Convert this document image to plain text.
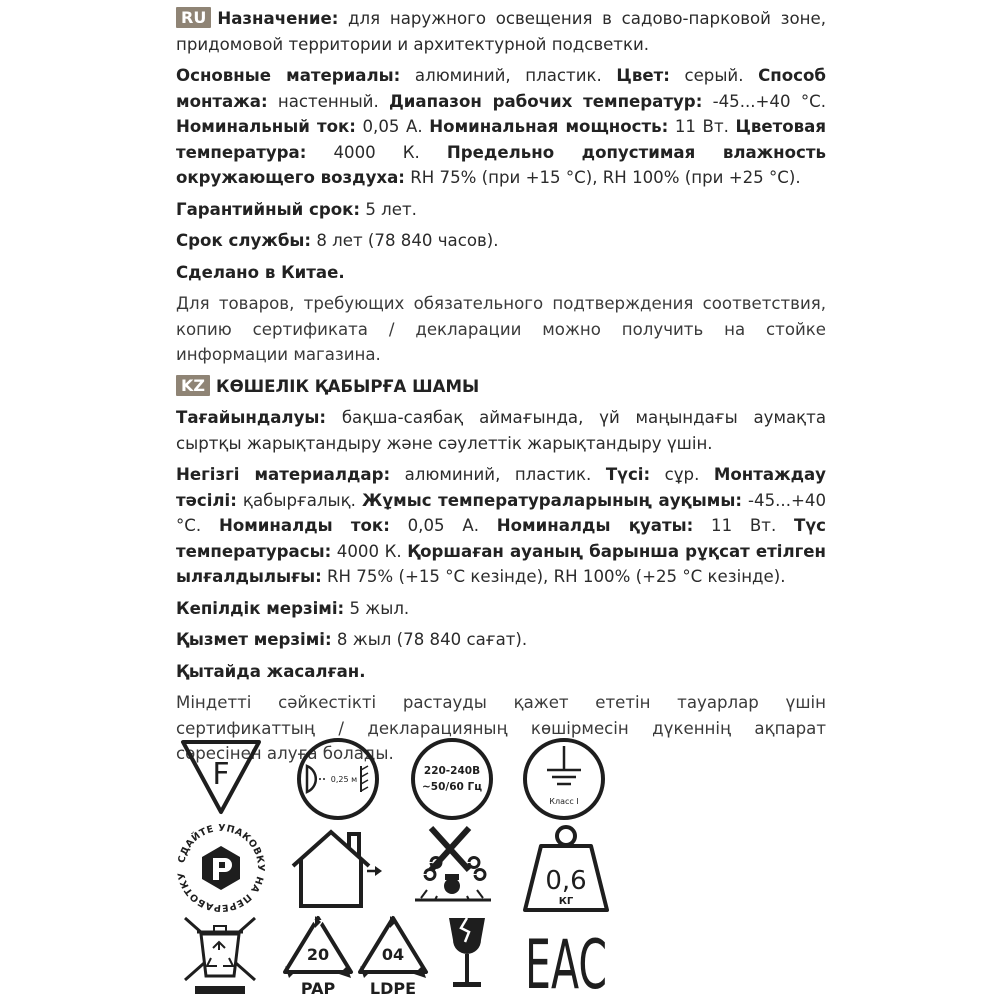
RU Назначение: для наружного освещения в садово-парковой зоне, придомовой территории и архитектурной подсветки.

Основные материалы: алюминий, пластик. Цвет: серый. Способ монтажа: настенный. Диапазон рабочих температур: -45...+40 °С. Номинальный ток: 0,05 А. Номинальная мощность: 11 Вт. Цветовая температура: 4000 К. Предельно допустимая влажность окружающего воздуха: RH 75% (при +15 °С), RH 100% (при +25 °С).

Гарантийный срок: 5 лет.

Срок службы: 8 лет (78 840 часов).

Сделано в Китае.

Для товаров, требующих обязательного подтверждения соответствия, копию сертификата / декларации можно получить на стойке информации магазина.

KZ КӨШЕЛІК ҚАБЫРҒА ШАМЫ

Тағайындалуы: бақша-саябақ аймағында, үй маңындағы аумақта сыртқы жарықтандыру және сәулеттік жарықтандыру үшін.

Негізгі материалдар: алюминий, пластик. Түсі: сұр. Монтаждау тәсілі: қабырғалық. Жұмыс температураларының ауқымы: -45...+40 °С. Номиналды ток: 0,05 А. Номиналды қуаты: 11 Вт. Түс температурасы: 4000 К. Қоршаған ауаның барынша рұқсат етілген ылғалдылығы: RH 75% (+15 °С кезінде), RH 100% (+25 °С кезінде).

Кепілдік мерзімі: 5 жыл.

Қызмет мерзімі: 8 жыл (78 840 сағат).

Қытайда жасалған.

Міндетті сәйкестікті растауды қажет ететін тауарлар үшін сертификаттың / декларацияның көшірмесін дүкеннің ақпарат сөресінен алуға болады.

F	0,25 м
220-240В
~50/60 Гц
Класс I
СДАЙТЕ УПАКОВКУ НА ПЕРЕРАБОТКУ	0,6
КГ
20
PAP
04
LDPE EAC
